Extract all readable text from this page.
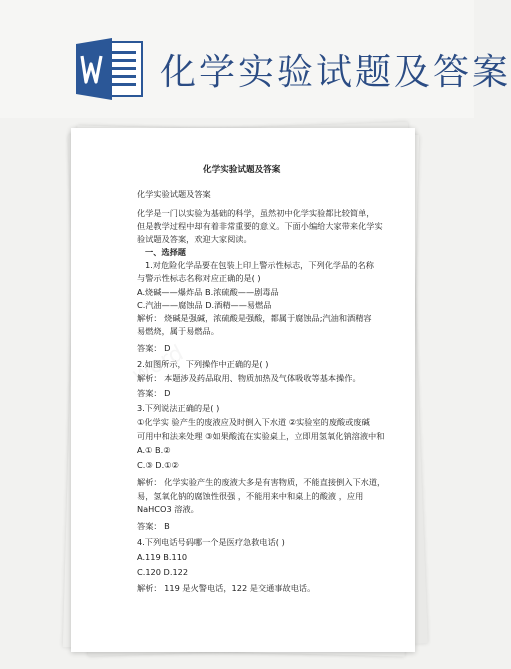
化学实验试题及答案
化学实验试题及答案
化学实验试题及答案
化学是一门以实验为基础的科学，虽然初中化学实验都比较简单，
但是教学过程中却有着非常重要的意义。下面小编给大家带来化学实
验试题及答案，欢迎大家阅读。
一、选择题
1.对危险化学品要在包装上印上警示性标志，下列化学品的名称
与警示性标志名称对应正确的是( )
A.烧碱——爆炸品 B.浓硫酸——剧毒品
C.汽油——腐蚀品 D.酒精——易燃品
解析： 烧碱是强碱，浓硫酸是强酸，都属于腐蚀品;汽油和酒精容
易燃烧，属于易燃品。
答案： D
2.如图所示，下列操作中正确的是( )
解析： 本题涉及药品取用、物质加热及气体吸收等基本操作。
答案： D
3.下列说法正确的是( )
①化学实 验产生的废液应及时倒入下水道 ②实验室的废酸或废碱
可用中和法来处理 ③如果酸流在实验桌上，立即用氢氧化钠溶液中和
A.① B.②
C.③ D.①②
解析： 化学实验产生的废液大多是有害物质，不能直接倒入下水道，
易，氢氧化钠的腐蚀性很强 ，不能用来中和桌上的酸液 ，应用
NaHCO3 溶液。
答案： B
4.下列电话号码哪一个是医疗急救电话( )
A.119 B.110
C.120 D.122
解析： 119 是火警电话，122 是交通事故电话。
